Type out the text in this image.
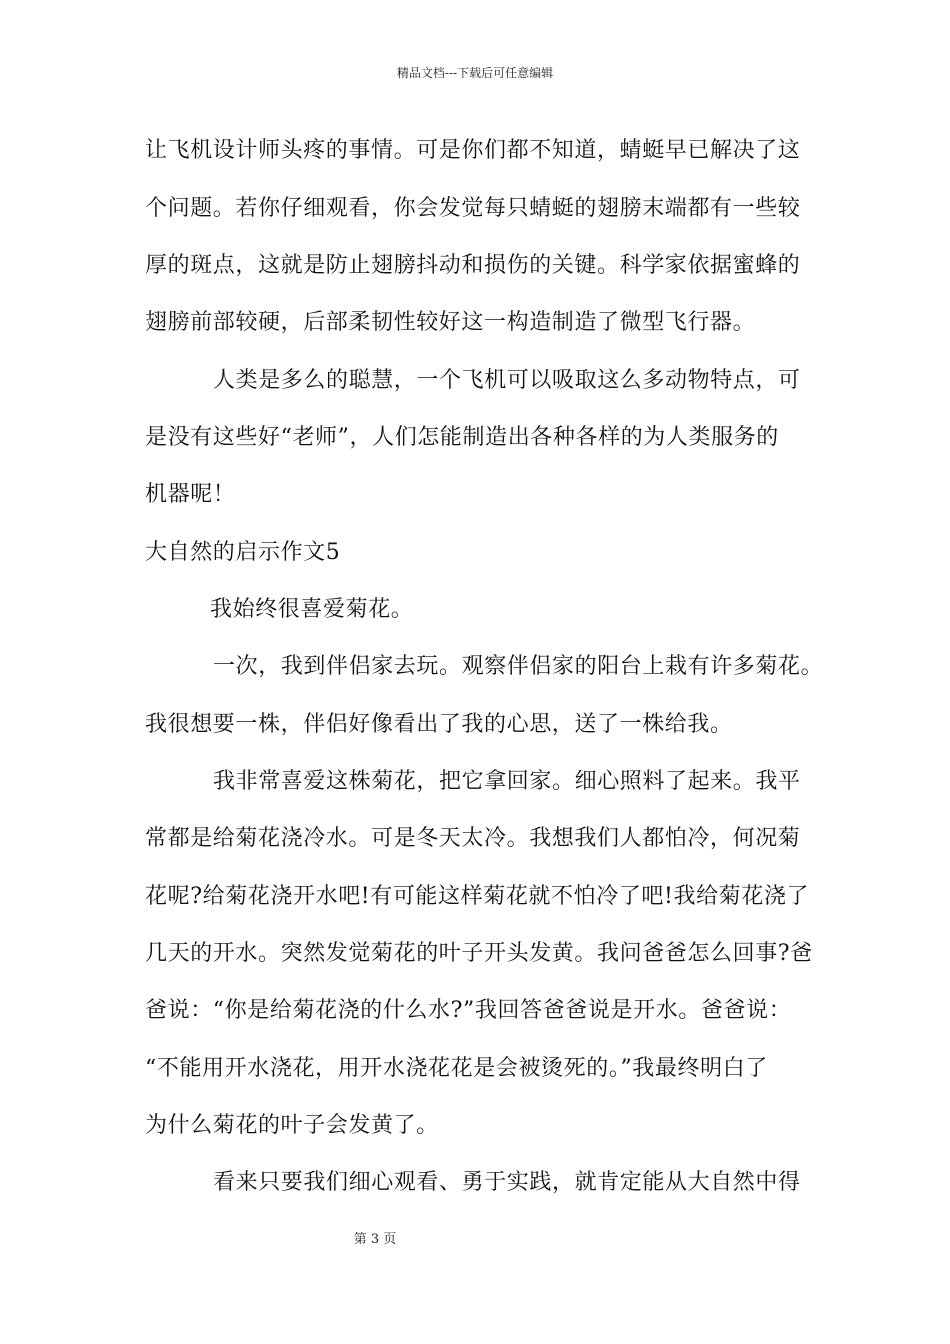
精品文档---下载后可任意编辑
让飞机设计师头疼的事情。可是你们都不知道，蜻蜓早已解决了这
个问题。若你仔细观看，你会发觉每只蜻蜓的翅膀末端都有一些较
厚的斑点，这就是防止翅膀抖动和损伤的关键。科学家依据蜜蜂的
翅膀前部较硬，后部柔韧性较好这一构造制造了微型飞行器。
人类是多么的聪慧，一个飞机可以吸取这么多动物特点，可
是没有这些好“老师”，人们怎能制造出各种各样的为人类服务的
机器呢！
大自然的启示作文5
我始终很喜爱菊花。
一次，我到伴侣家去玩。观察伴侣家的阳台上栽有许多菊花。
我很想要一株，伴侣好像看出了我的心思，送了一株给我。
我非常喜爱这株菊花，把它拿回家。细心照料了起来。我平
常都是给菊花浇冷水。可是冬天太冷。我想我们人都怕冷，何况菊
花呢?给菊花浇开水吧!有可能这样菊花就不怕冷了吧!我给菊花浇了
几天的开水。突然发觉菊花的叶子开头发黄。我问爸爸怎么回事?爸
爸说：“你是给菊花浇的什么水?”我回答爸爸说是开水。爸爸说：
“不能用开水浇花，用开水浇花花是会被烫死的。”我最终明白了
为什么菊花的叶子会发黄了。
看来只要我们细心观看、勇于实践，就肯定能从大自然中得
第 3 页
